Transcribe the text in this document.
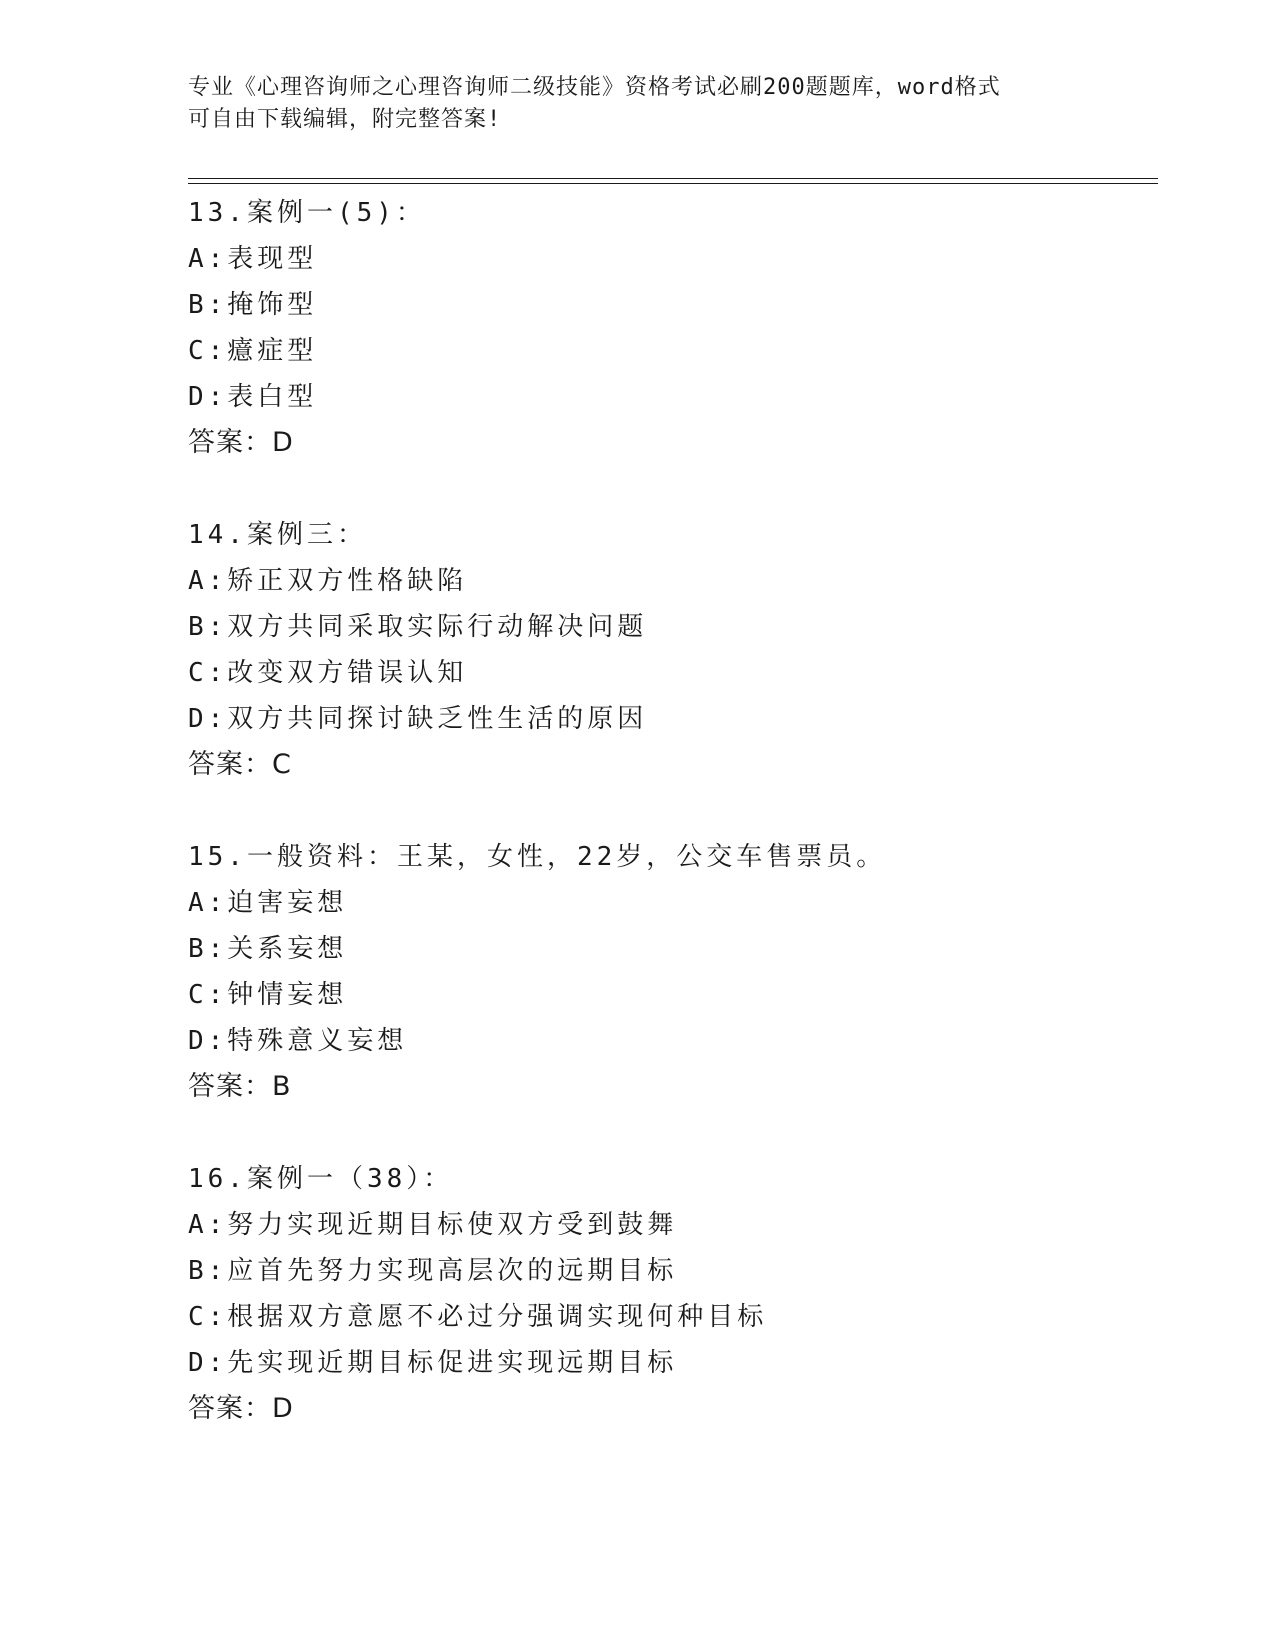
专业《心理咨询师之心理咨询师二级技能》资格考试必刷200题题库，word格式
可自由下载编辑，附完整答案!
13.案例一(5)：
A:表现型
B:掩饰型
C:癔症型
D:表白型
答案：D
14.案例三：
A:矫正双方性格缺陷
B:双方共同采取实际行动解决问题
C:改变双方错误认知
D:双方共同探讨缺乏性生活的原因
答案：C
15.一般资料：王某，女性，22岁，公交车售票员。
A:迫害妄想
B:关系妄想
C:钟情妄想
D:特殊意义妄想
答案：B
16.案例一（38）：
A:努力实现近期目标使双方受到鼓舞
B:应首先努力实现高层次的远期目标
C:根据双方意愿不必过分强调实现何种目标
D:先实现近期目标促进实现远期目标
答案：D
